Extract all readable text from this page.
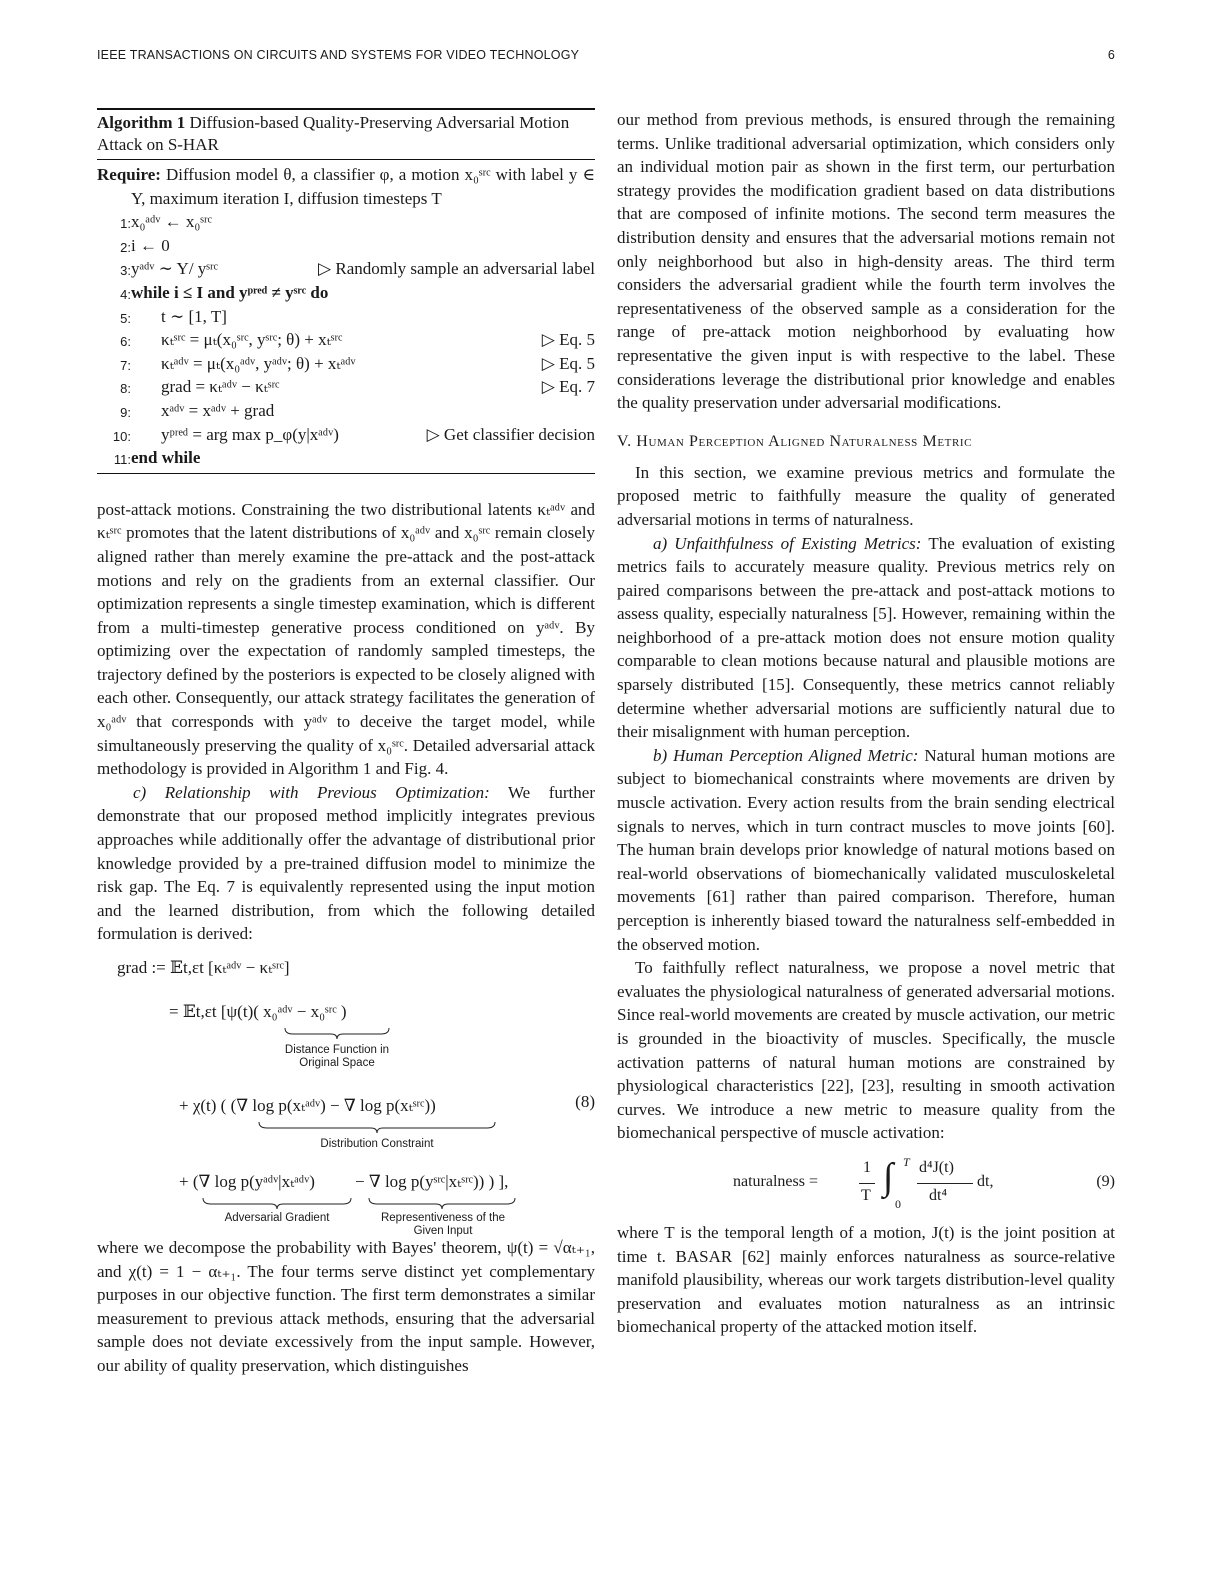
IEEE TRANSACTIONS ON CIRCUITS AND SYSTEMS FOR VIDEO TECHNOLOGY	6
Algorithm 1 Diffusion-based Quality-Preserving Adversarial Motion Attack on S-HAR
Require: Diffusion model θ, a classifier φ, a motion x₀ˢʳᶜ with label y ∈ Y, maximum iteration I, diffusion timesteps T
1: x₀ᵃᵈᵛ ← x₀ˢʳᶜ
2: i ← 0
3: yᵃᵈᵛ ∼ Y/ yˢʳᶜ	▷ Randomly sample an adversarial label
4: while i ≤ I and yᵖʳᵉᵈ ≠ yˢʳᶜ do
5: t ∼ [1, T]
6: κₜˢʳᶜ = μₜ(x₀ˢʳᶜ, yˢʳᶜ; θ) + xₜˢʳᶜ	▷ Eq. 5
7: κₜᵃᵈᵛ = μₜ(x₀ᵃᵈᵛ, yᵃᵈᵛ; θ) + xₜᵃᵈᵛ	▷ Eq. 5
8: grad = κₜᵃᵈᵛ − κₜˢʳᶜ	▷ Eq. 7
9: xᵃᵈᵛ = xᵃᵈᵛ + grad
10: yᵖʳᵉᵈ = arg max p_φ(y|xᵃᵈᵛ)	▷ Get classifier decision
11: end while

post-attack motions. Constraining the two distributional latents κₜᵃᵈᵛ and κₜˢʳᶜ promotes that the latent distributions of x₀ᵃᵈᵛ and x₀ˢʳᶜ remain closely aligned rather than merely examine the pre-attack and the post-attack motions and rely on the gradients from an external classifier. Our optimization represents a single timestep examination, which is different from a multi-timestep generative process conditioned on yᵃᵈᵛ. By optimizing over the expectation of randomly sampled timesteps, the trajectory defined by the posteriors is expected to be closely aligned with each other. Consequently, our attack strategy facilitates the generation of x₀ᵃᵈᵛ that corresponds with yᵃᵈᵛ to deceive the target model, while simultaneously preserving the quality of x₀ˢʳᶜ. Detailed adversarial attack methodology is provided in Algorithm 1 and Fig. 4.

c) Relationship with Previous Optimization: We further demonstrate that our proposed method implicitly integrates previous approaches while additionally offer the advantage of distributional prior knowledge provided by a pre-trained diffusion model to minimize the risk gap. The Eq. 7 is equivalently represented using the input motion and the learned distribution, from which the following detailed formulation is derived:

grad := 𝔼t,εt [κₜᵃᵈᵛ − κₜˢʳᶜ]
= 𝔼t,εt [ψ(t)( x₀ᵃᵈᵛ − x₀ˢʳᶜ )
Distance Function in Original Space
+ χ(t) ( (∇ log p(xₜᵃᵈᵛ) − ∇ log p(xₜˢʳᶜ))	(8)
Distribution Constraint
+ (∇ log p(yᵃᵈᵛ|xₜᵃᵈᵛ) − ∇ log p(yˢʳᶜ|xₜˢʳᶜ)) ) ],
Adversarial Gradient	Representiveness of the Given Input

where we decompose the probability with Bayes' theorem, ψ(t) = √αₜ₊₁, and χ(t) = 1 − αₜ₊₁. The four terms serve distinct yet complementary purposes in our objective function. The first term demonstrates a similar measurement to previous attack methods, ensuring that the adversarial sample does not deviate excessively from the input sample. However, our ability of quality preservation, which distinguishes

our method from previous methods, is ensured through the remaining terms. Unlike traditional adversarial optimization, which considers only an individual motion pair as shown in the first term, our perturbation strategy provides the modification gradient based on data distributions that are composed of infinite motions. The second term measures the distribution density and ensures that the adversarial motions remain not only neighborhood but also in high-density areas. The third term considers the adversarial gradient while the fourth term involves the representativeness of the observed sample as a consideration for the range of pre-attack motion neighborhood by evaluating how representative the given input is with respective to the label. These considerations leverage the distributional prior knowledge and enables the quality preservation under adversarial modifications.

V. Human Perception Aligned Naturalness Metric

In this section, we examine previous metrics and formulate the proposed metric to faithfully measure the quality of generated adversarial motions in terms of naturalness.

a) Unfaithfulness of Existing Metrics: The evaluation of existing metrics fails to accurately measure quality. Previous metrics rely on paired comparisons between the pre-attack and post-attack motions to assess quality, especially naturalness [5]. However, remaining within the neighborhood of a pre-attack motion does not ensure motion quality comparable to clean motions because natural and plausible motions are sparsely distributed [15]. Consequently, these metrics cannot reliably determine whether adversarial motions are sufficiently natural due to their misalignment with human perception.

b) Human Perception Aligned Metric: Natural human motions are subject to biomechanical constraints where movements are driven by muscle activation. Every action results from the brain sending electrical signals to nerves, which in turn contract muscles to move joints [60]. The human brain develops prior knowledge of natural motions based on real-world observations of biomechanically validated musculoskeletal movements [61] rather than paired comparison. Therefore, human perception is inherently biased toward the naturalness self-embedded in the observed motion.

To faithfully reflect naturalness, we propose a novel metric that evaluates the physiological naturalness of generated adversarial motions. Since real-world movements are created by muscle activation, our metric is grounded in the bioactivity of muscles. Specifically, the muscle activation patterns of natural human motions are constrained by physiological characteristics [22], [23], resulting in smooth activation curves. We introduce a new metric to measure quality from the biomechanical perspective of muscle activation:

naturalness =
1
T ∫ T
0
d⁴J(t)
dt⁴
dt,	(9)

where T is the temporal length of a motion, J(t) is the joint position at time t. BASAR [62] mainly enforces naturalness as source-relative manifold plausibility, whereas our work targets distribution-level quality preservation and evaluates motion naturalness as an intrinsic biomechanical property of the attacked motion itself.
